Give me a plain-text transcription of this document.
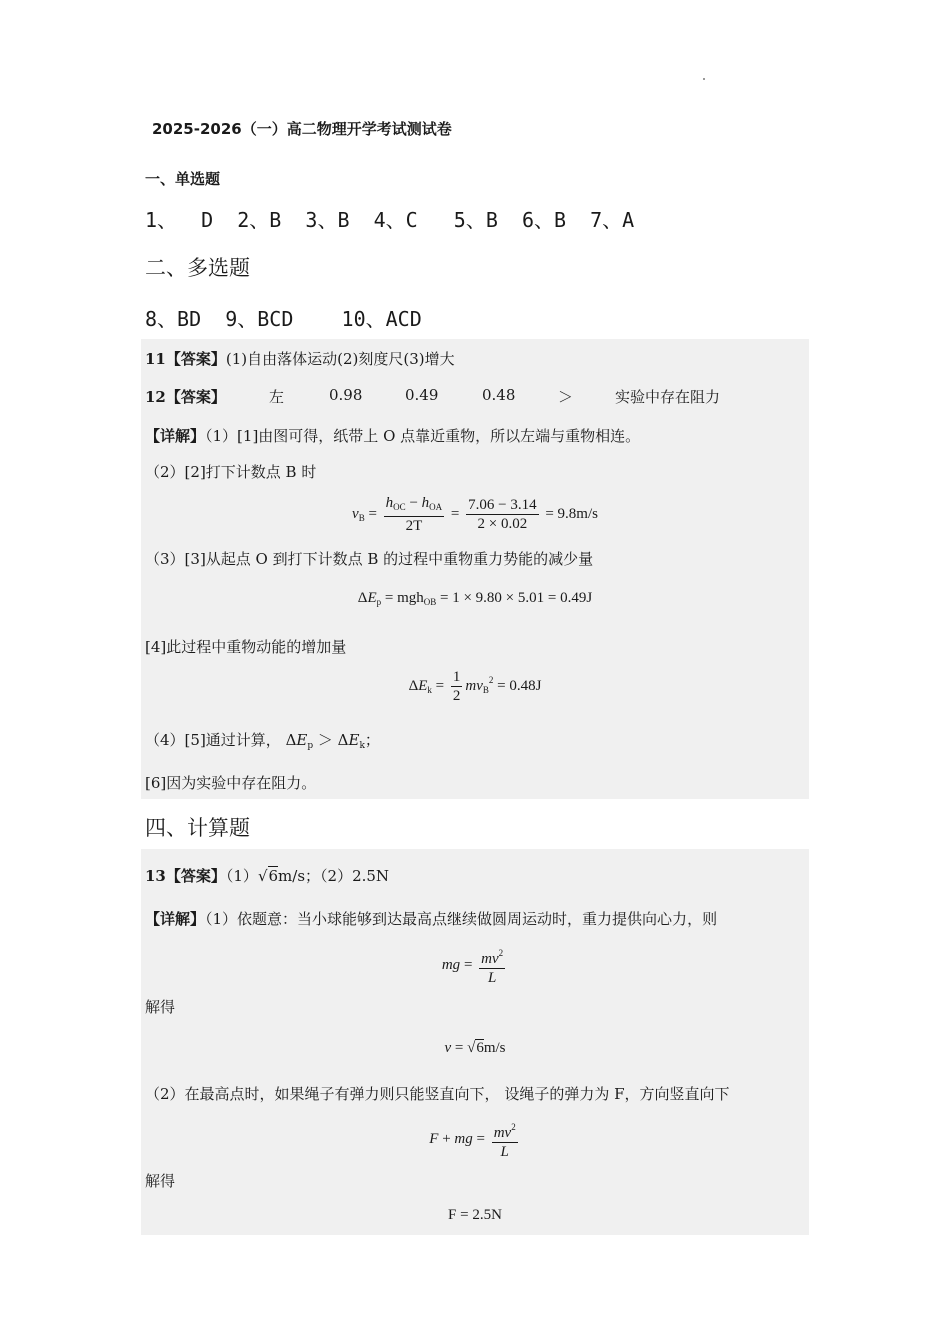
2025-2026（一）高二物理开学考试测试卷
一、单选题
1、  D  2、B  3、B  4、C   5、B  6、B  7、A
二、多选题
8、BD  9、BCD    10、ACD
11【答案】(1)自由落体运动(2)刻度尺(3)增大
12【答案】	左	0.98	0.49	0.48	＞	实验中存在阻力
【详解】（1）[1]由图可得，纸带上 O 点靠近重物，所以左端与重物相连。
（2）[2]打下计数点 B 时
$v_B = \frac{h_{OC} - h_{OA}}{2T} = \frac{7.06 - 3.14}{2 \times 0.02} = 9.8m/s$
（3）[3]从起点 O 到打下计数点 B 的过程中重物重力势能的减少量
$\Delta E_p = mgh_{OB} = 1 \times 9.80 \times 5.01 = 0.49J$
[4]此过程中重物动能的增加量
$\Delta E_k = \frac{1}{2} mv_B^2 = 0.48J$
（4）[5]通过计算， $\Delta E_p > \Delta E_k$；
[6]因为实验中存在阻力。
四、计算题
13【答案】（1）√6m/s；（2）2.5N
【详解】（1）依题意：当小球能够到达最高点继续做圆周运动时，重力提供向心力，则
mg = $\frac{mv^2}{L}$
解得
v = √6m/s
（2）在最高点时，如果绳子有弹力则只能竖直向下， 设绳子的弹力为 F，方向竖直向下
F + mg = $\frac{mv^2}{L}$
解得
F = 2.5N
